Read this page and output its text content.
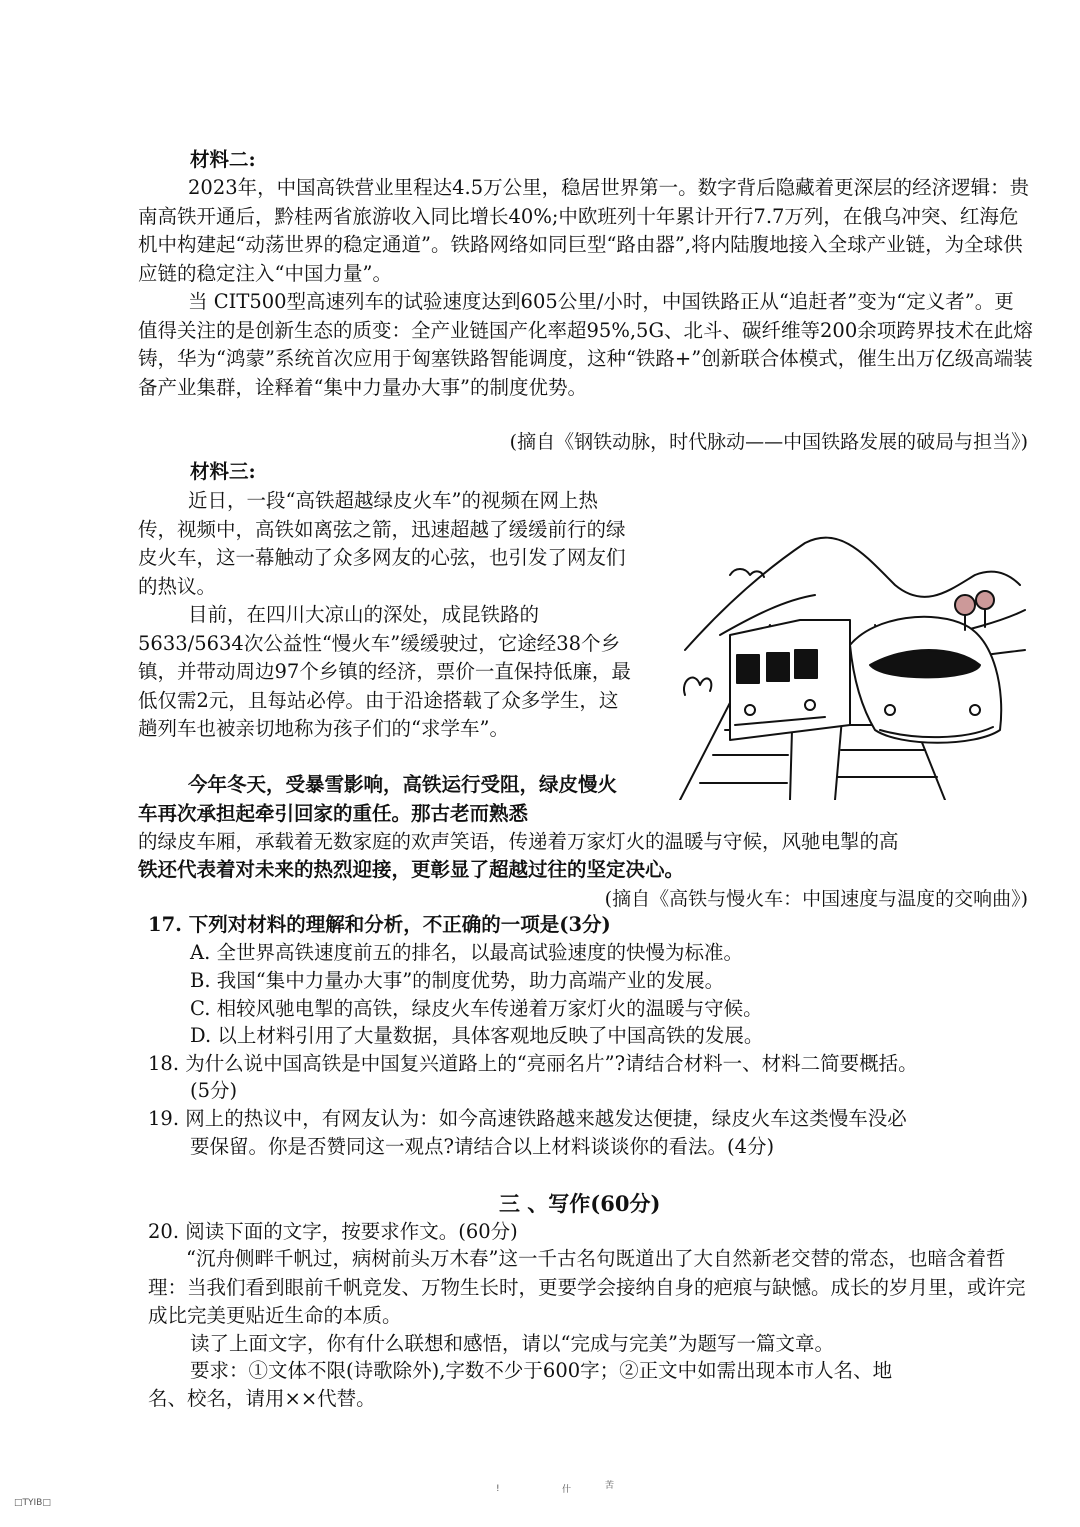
材料二:

2023年，中国高铁营业里程达4.5万公里，稳居世界第一。数字背后隐藏着更深层的经济逻辑：贵南高铁开通后，黔桂两省旅游收入同比增长40%;中欧班列十年累计开行7.7万列，在俄乌冲突、红海危机中构建起“动荡世界的稳定通道”。铁路网络如同巨型“路由器”,将内陆腹地接入全球产业链，为全球供应链的稳定注入“中国力量”。

当 CIT500型高速列车的试验速度达到605公里/小时，中国铁路正从“追赶者”变为“定义者”。更值得关注的是创新生态的质变：全产业链国产化率超95%,5G、北斗、碳纤维等200余项跨界技术在此熔铸，华为“鸿蒙”系统首次应用于匈塞铁路智能调度，这种“铁路+”创新联合体模式，催生出万亿级高端装备产业集群，诠释着“集中力量办大事”的制度优势。

(摘自《钢铁动脉，时代脉动——中国铁路发展的破局与担当》)
材料三:

近日，一段“高铁超越绿皮火车”的视频在网上热传，视频中，高铁如离弦之箭，迅速超越了缓缓前行的绿皮火车，这一幕触动了众多网友的心弦，也引发了网友们的热议。

目前，在四川大凉山的深处，成昆铁路的5633/5634次公益性“慢火车”缓缓驶过，它途经38个乡镇，并带动周边97个乡镇的经济，票价一直保持低廉，最低仅需2元，且每站必停。由于沿途搭载了众多学生，这趟列车也被亲切地称为孩子们的“求学车”。

今年冬天，受暴雪影响，高铁运行受阻，绿皮慢火车再次承担起牵引回家的重任。那古老而熟悉

的绿皮车厢，承载着无数家庭的欢声笑语，传递着万家灯火的温暖与守候，风驰电掣的高
铁还代表着对未来的热烈迎接，更彰显了超越过往的坚定决心。
(摘自《高铁与慢火车：中国速度与温度的交响曲》)
17. 下列对材料的理解和分析，不正确的一项是(3分)
A. 全世界高铁速度前五的排名，以最高试验速度的快慢为标准。
B. 我国“集中力量办大事”的制度优势，助力高端产业的发展。
C. 相较风驰电掣的高铁，绿皮火车传递着万家灯火的温暖与守候。
D. 以上材料引用了大量数据，具体客观地反映了中国高铁的发展。
18. 为什么说中国高铁是中国复兴道路上的“亮丽名片”?请结合材料一、材料二简要概括。
(5分)
19. 网上的热议中，有网友认为：如今高速铁路越来越发达便捷，绿皮火车这类慢车没必
要保留。你是否赞同这一观点?请结合以上材料谈谈你的看法。(4分)
三 、写作(60分)
20. 阅读下面的文字，按要求作文。(60分)

“沉舟侧畔千帆过，病树前头万木春”这一千古名句既道出了大自然新老交替的常态，也暗含着哲理：当我们看到眼前千帆竞发、万物生长时，更要学会接纳自身的疤痕与缺憾。成长的岁月里，或许完成比完美更贴近生命的本质。

读了上面文字，你有什么联想和感悟，请以“完成与完美”为题写一篇文章。
要求：①文体不限(诗歌除外),字数不少于600字；②正文中如需出现本市人名、地
名、校名，请用××代替。
□TYIB□
!	什	苦
